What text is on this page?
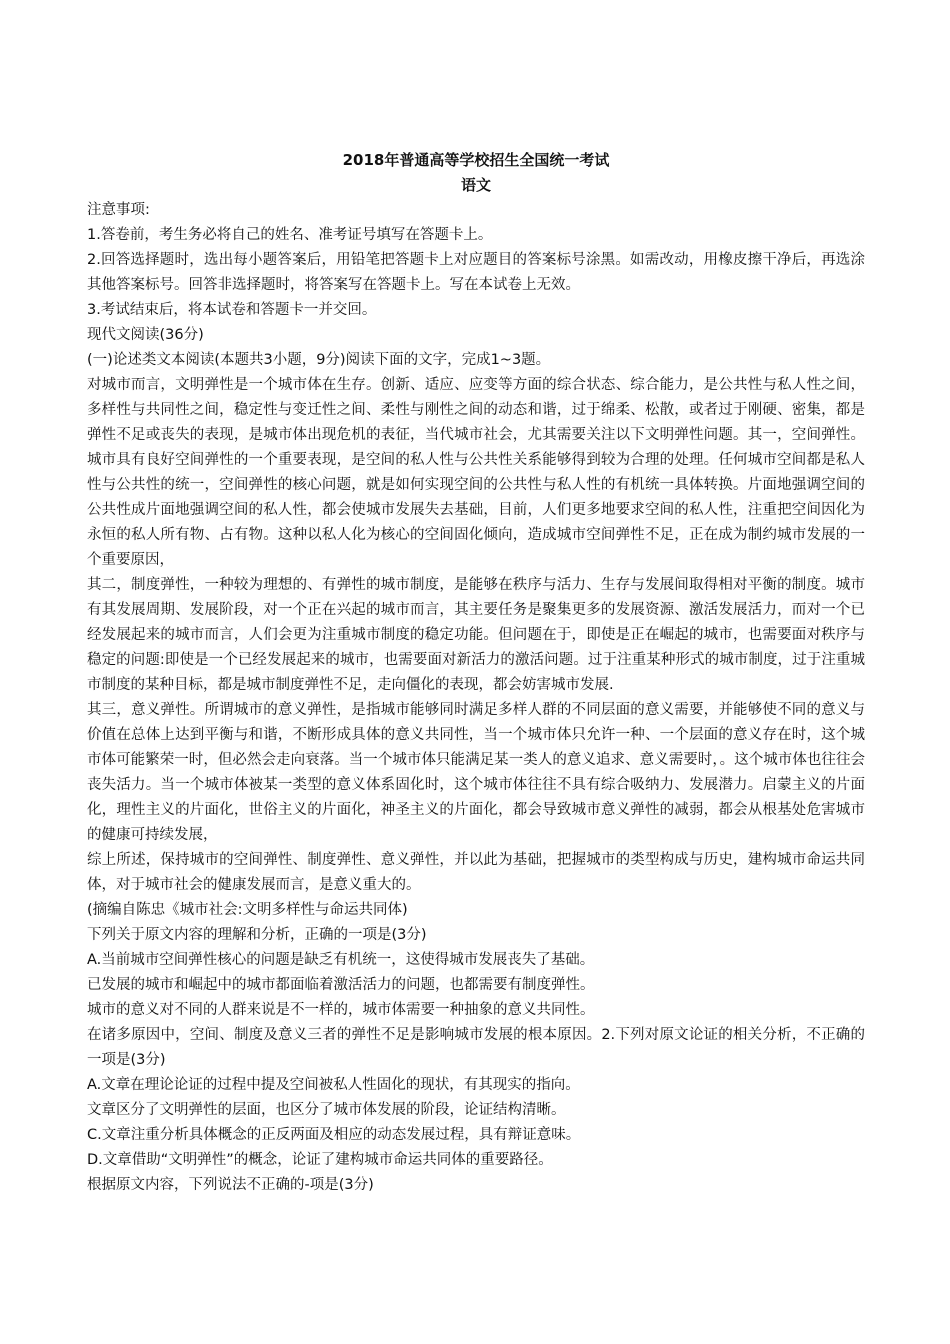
2018年普通高等学校招生全国统一考试

语文

注意事项:

1.答卷前，考生务必将自己的姓名、准考证号填写在答题卡上。

2.回答选择题时，选出每小题答案后，用铅笔把答题卡上对应题目的答案标号涂黑。如需改动，用橡皮擦干净后，再选涂其他答案标号。回答非选择题时，将答案写在答题卡上。写在本试卷上无效。

3.考试结束后，将本试卷和答题卡一并交回。

现代文阅读(36分)

(一)论述类文本阅读(本题共3小题，9分)阅读下面的文字，完成1~3题。

对城市而言，文明弹性是一个城市体在生存。创新、适应、应变等方面的综合状态、综合能力，是公共性与私人性之间，多样性与共同性之间，稳定性与变迁性之间、柔性与刚性之间的动态和谐，过于绵柔、松散，或者过于刚硬、密集，都是弹性不足或丧失的表现，是城市体出现危机的表征，当代城市社会，尤其需要关注以下文明弹性问题。其一，空间弹性。城市具有良好空间弹性的一个重要表现，是空间的私人性与公共性关系能够得到较为合理的处理。任何城市空间都是私人性与公共性的统一，空间弹性的核心问题，就是如何实现空间的公共性与私人性的有机统一具体转换。片面地强调空间的公共性成片面地强调空间的私人性，都会使城市发展失去基础，目前，人们更多地要求空间的私人性，注重把空间因化为永恒的私人所有物、占有物。这种以私人化为核心的空间固化倾向，造成城市空间弹性不足，正在成为制约城市发展的一个重要原因，

其二，制度弹性，一种较为理想的、有弹性的城市制度，是能够在秩序与活力、生存与发展间取得相对平衡的制度。城市有其发展周期、发展阶段，对一个正在兴起的城市而言，其主要任务是聚集更多的发展资源、激活发展活力，而对一个已经发展起来的城市而言，人们会更为注重城市制度的稳定功能。但问题在于，即使是正在崛起的城市，也需要面对秩序与稳定的问题:即使是一个已经发展起来的城市，也需要面对新活力的激活问题。过于注重某种形式的城市制度，过于注重城市制度的某种目标，都是城市制度弹性不足，走向僵化的表现，都会妨害城市发展.

其三，意义弹性。所谓城市的意义弹性，是指城市能够同时满足多样人群的不同层面的意义需要，并能够使不同的意义与价值在总体上达到平衡与和谐，不断形成具体的意义共同性，当一个城市体只允许一种、一个层面的意义存在时，这个城市体可能繁荣一时，但必然会走向衰落。当一个城市体只能满足某一类人的意义追求、意义需要时，。这个城市体也往往会丧失活力。当一个城市体被某一类型的意义体系固化时，这个城市体往往不具有综合吸纳力、发展潜力。启蒙主义的片面化，理性主义的片面化，世俗主义的片面化，神圣主义的片面化，都会导致城市意义弹性的减弱，都会从根基处危害城市的健康可持续发展，

综上所述，保持城市的空间弹性、制度弹性、意义弹性，并以此为基础，把握城市的类型构成与历史，建构城市命运共同体，对于城市社会的健康发展而言，是意义重大的。

(摘编自陈忠《城市社会:文明多样性与命运共同体)

下列关于原文内容的理解和分析，正确的一项是(3分)

A.当前城市空间弹性核心的问题是缺乏有机统一，这使得城市发展丧失了基础。

已发展的城市和崛起中的城市都面临着激活活力的问题，也都需要有制度弹性。

城市的意义对不同的人群来说是不一样的，城市体需要一种抽象的意义共同性。

在诸多原因中，空间、制度及意义三者的弹性不足是影响城市发展的根本原因。2.下列对原文论证的相关分析，不正确的一项是(3分)

A.文章在理论论证的过程中提及空间被私人性固化的现状，有其现实的指向。

文章区分了文明弹性的层面，也区分了城市体发展的阶段，论证结构清晰。

C.文章注重分析具体概念的正反两面及相应的动态发展过程，具有辩证意味。

D.文章借助“文明弹性”的概念，论证了建构城市命运共同体的重要路径。

根据原文内容，下列说法不正确的-项是(3分)
